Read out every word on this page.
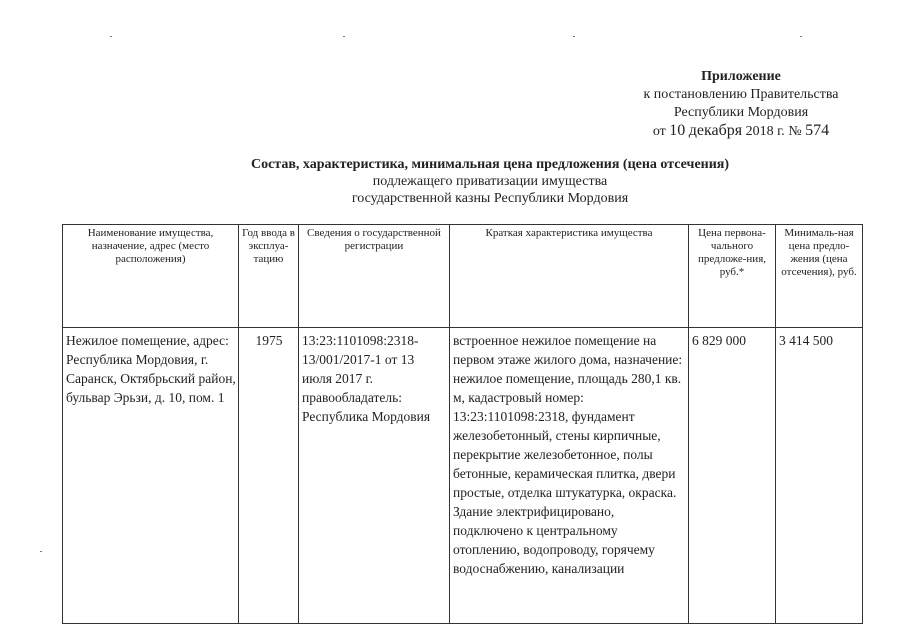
Приложение
к постановлению Правительства
Республики Мордовия
от 10 декабря 2018 г. № 574
Состав, характеристика, минимальная цена предложения (цена отсечения)
подлежащего приватизации имущества
государственной казны Республики Мордовия
Наименование имущества, назначение, адрес (место расположения)	Год ввода в эксплуа-тацию	Сведения о государственной регистрации	Краткая характеристика имущества	Цена первона-чального предложе-ния, руб.*	Минималь-ная цена предло-жения (цена отсечения), руб.
Нежилое помещение, адрес: Республика Мордовия, г. Саранск, Октябрьский район, бульвар Эрьзи, д. 10, пом. 1	1975	13:23:1101098:2318-13/001/2017-1 от 13 июля 2017 г. правообладатель: Республика Мордовия	встроенное нежилое помещение на первом этаже жилого дома, назначение: нежилое помещение, площадь 280,1 кв. м, кадастровый номер: 13:23:1101098:2318, фундамент железобетонный, стены кирпичные, перекрытие железобетонное, полы бетонные, керамическая плитка, двери простые, отделка штукатурка, окраска. Здание электрифицировано, подключено к центральному отоплению, водопроводу, горячему водоснабжению, канализации	6 829 000	3 414 500
